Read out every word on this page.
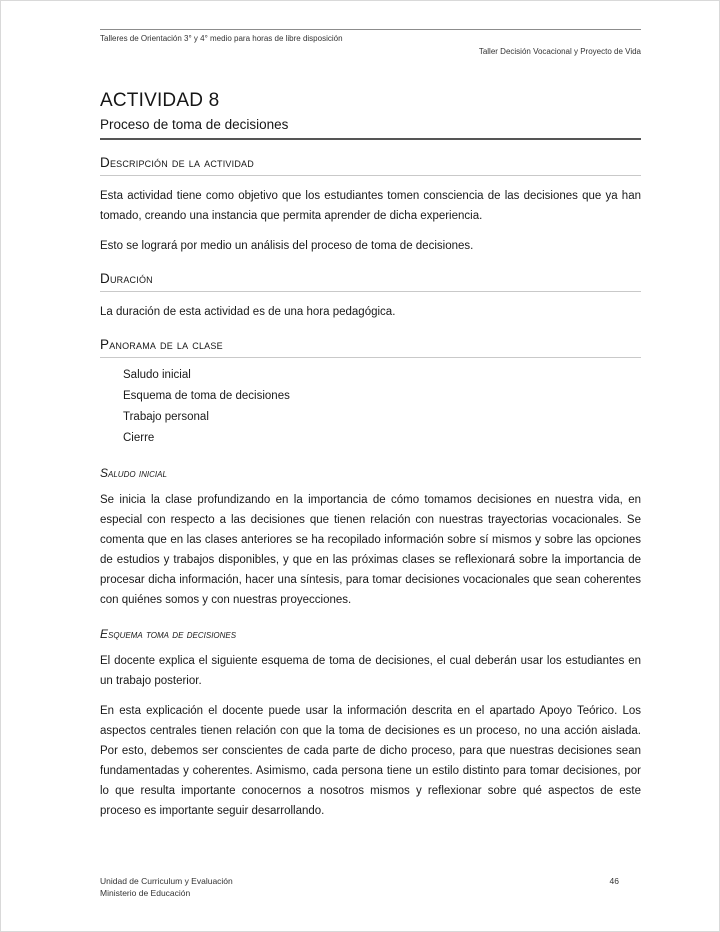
Talleres de Orientación 3° y 4° medio para horas de libre disposición
Taller Decisión Vocacional y Proyecto de Vida
ACTIVIDAD 8
Proceso de toma de decisiones
Descripción de la actividad

Esta actividad tiene como objetivo que los estudiantes tomen consciencia de las decisiones que ya han tomado, creando una instancia que permita aprender de dicha experiencia.

Esto se logrará por medio un análisis del proceso de toma de decisiones.

Duración

La duración de esta actividad es de una hora pedagógica.

Panorama de la clase
Saludo inicial
Esquema de toma de decisiones
Trabajo personal
Cierre
Saludo inicial

Se inicia la clase profundizando en la importancia de cómo tomamos decisiones en nuestra vida, en especial con respecto a las decisiones que tienen relación con nuestras trayectorias vocacionales. Se comenta que en las clases anteriores se ha recopilado información sobre sí mismos y sobre las opciones de estudios y trabajos disponibles, y que en las próximas clases se reflexionará sobre la importancia de procesar dicha información, hacer una síntesis, para tomar decisiones vocacionales que sean coherentes con quiénes somos y con nuestras proyecciones.

Esquema toma de decisiones

El docente explica el siguiente esquema de toma de decisiones, el cual deberán usar los estudiantes en un trabajo posterior.

En esta explicación el docente puede usar la información descrita en el apartado Apoyo Teórico. Los aspectos centrales tienen relación con que la toma de decisiones es un proceso, no una acción aislada. Por esto, debemos ser conscientes de cada parte de dicho proceso, para que nuestras decisiones sean fundamentadas y coherentes. Asimismo, cada persona tiene un estilo distinto para tomar decisiones, por lo que resulta importante conocernos a nosotros mismos y reflexionar sobre qué aspectos de este proceso es importante seguir desarrollando.

Unidad de Curriculum y Evaluación
Ministerio de Educación
46
